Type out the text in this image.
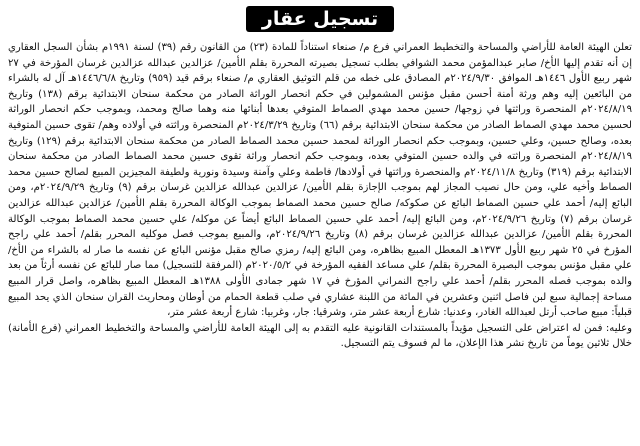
تسجيل عقار

تعلن الهيئة العامة للأراضي والمساحة والتخطيط العمراني فرع م/ صنعاء استناداً للمادة (٢٣) من القانون رقم (٣٩) لسنة ١٩٩١م بشأن السجل العقاري إن أنه تقدم إليها الأخ/ صابر عبدالمؤمن محمد الشوافي بطلب تسجيل بصيرته المحررة بقلم الأمين/ عزالدين عبدالله عزالدين غرسان المؤرخة في ٢٧ شهر ربيع الأول ١٤٤٦هـ الموافق ٢٠٢٤/٩/٣٠م المصادق على خطه من قلم التوثيق العقاري م/ صنعاء برقم قيد (٩٥٩) وتاريخ ١٤٤٦/٦/٨هـ آل له بالشراء من البائعين إليه وهم ورثة أمنة أحسن مقبل مؤنس المشمولين في حكم انحصار الوراثة الصادر من محكمة سنحان الابتدائية برقم (١٣٨) وتاريخ ٢٠٢٤/٨/١٩م المنحصرة وراثتها في زوجها/ حسين محمد مهدي الصماط المتوفي بعدها أبنائها منه وهما صالح ومحمد، وبموجب حكم انحصار الوراثة لحسين محمد مهدي الصماط الصادر من محكمة سنحان الابتدائية برقم (٦٦) وتاريخ ٢٠٢٤/٣/٢٩م المنحصرة وراثته في أولاده وهم/ تقوى حسين المتوفية بعده، وصالح حسين، وعلي حسين، وبموجب حكم انحصار الوراثة لمحمد حسين محمد الصماط الصادر من محكمة سنحان الابتدائية برقم (١٢٩) وتاريخ ٢٠٢٤/٨/١٩م المنحصرة وراثته في والده حسين المتوفي بعده، وبموجب حكم انحصار وراثة تقوى حسين محمد الصماط الصادر من محكمة سنحان الابتدائية برقم (٣١٩) وتاريخ ٢٠٢٤/١١/٨م والمنحصرة وراثتها في أولادها/ فاطمة وعلي وآمنة وسيدة ونورية ولطيفة المجيزين المبيع لصالح حسين محمد الصماط وأخيه علي، ومن حال نصيب المجاز لهم بموجب الإجازة بقلم الأمين/ عزالدين عبدالله عزالدين غرسان برقم (٩) وتاريخ ٢٠٢٤/٩/٢٩م، ومن البائع إليه/ أحمد علي حسين الصماط البائع عن صكوكه/ صالح حسين محمد الصماط بموجب الوكالة المحررة بقلم الأمين/ عزالدين عبدالله عزالدين غرسان برقم (٧) وتاريخ ٢٠٢٤/٩/٢٦م، ومن البائع إليه/ أحمد علي حسين الصماط البائع أيضاً عن موكله/ علي حسين محمد الصماط بموجب الوكالة المحررة بقلم الأمين/ عزالدين عبدالله عزالدين غرسان برقم (٨) وتاريخ ٢٠٢٤/٩/٢٦م، والمبيع بموجب فصل موكليه المحرر بقلم/ أحمد علي راجح المؤرخ في ٢٥ شهر ربيع الأول ١٣٧٣هـ المعطل المبيع بظاهره، ومن البائع إليه/ رمزي صالح مقبل مؤنس البائع عن نفسه ما صار له بالشراء من الأخ/ علي مقبل مؤنس بموجب البصيرة المحررة بقلم/ علي مساعد الفقيه المؤرخة في ٢٠٢٠/٥/٢م (المرفقة للتسجيل) مما صار للبائع عن نفسه أرثاً من بعد والده بموجب فصله المحرر بقلم/ أحمد علي راجح النمراني المؤرخ في ١٧ شهر جمادى الأولى ١٣٨٨هـ المعطل المبيع بظاهره، واصل قرار المبيع مساحة إجمالية سبع لبن فاصل اثنين وعشرين في المائة من اللبنة عشاري في صلب قطعة الحمام من أوطان ومحاريث القران سنحان الذي يحد المبيع قبلياً: مبيع صاحب أرتل لعبدالله الغادر، وعدنيا: شارع أربعة عشر متر، وشرقيا: جار، وغربيا: شارع أربعة عشر متر،

وعليه: فمن له اعتراض على التسجيل مؤيداً بالمستندات القانونية عليه التقدم به إلى الهيئة العامة للأراضي والمساحة والتخطيط العمراني (فرع الأمانة) خلال ثلاثين يوماً من تاريخ نشر هذا الإعلان، ما لم فسوف يتم التسجيل.
